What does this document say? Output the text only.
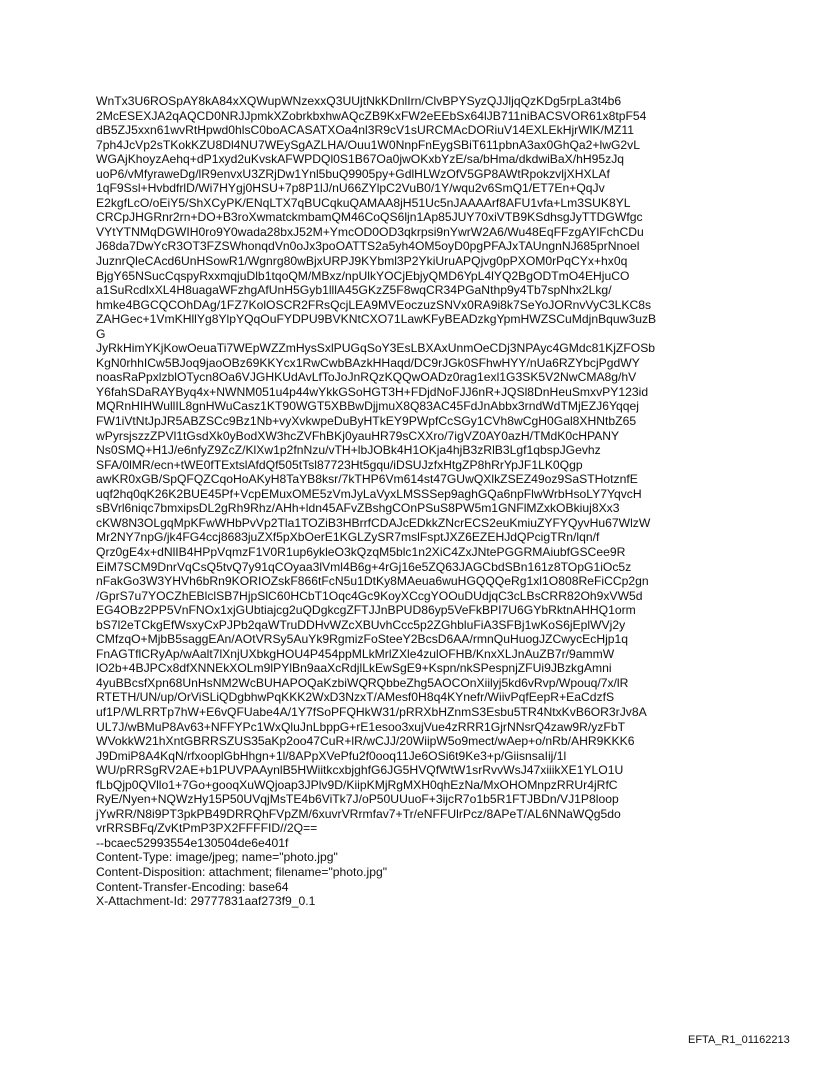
WnTx3U6ROSpAY8kA84xXQWupWNzexxQ3UUjtNkKDnlIrn/ClvBPYSyzQJJljqQzKDg5rpLa3t4b6
2McESEXJA2qAQCD0NRJJpmkXZobrkbxhwAQcZB9KxFW2eEEbSx64lJB711niBACSVOR61x8tpF54
dB5ZJ5xxn61wvRtHpwd0hlsC0boACASATXOa4nl3R9cV1sURCMAcDORiuV14EXLEkHjrWlK/MZ11
7ph4JcVp2sTKokKZU8Dl4NU7WEySgAZLHA/Ouu1W0NnpFnEygSBiT611pbnA3ax0GhQa2+lwG2vL
WGAjKhoyzAehq+dP1xyd2uKvskAFWPDQl0S1B67Oa0jwOKxbYzE/sa/bHma/dkdwiBaX/hH95zJq
uoP6/vMfyraweDg/lR9envxU3ZRjDw1Ynl5buQ9905py+GdlHLWzOfV5GP8AWtRpokzvljXHXLAf
1qF9Ssl+HvbdfrlD/Wi7HYgj0HSU+7p8P1lJ/nU66ZYlpC2VuB0/1Y/wqu2v6SmQ1/ET7En+QqJv
E2kgfLcO/oEiY5/ShXCyPK/ENqLTX7qBUCqkuQAMAA8jH51Uc5nJAAAArf8AFU1vfa+Lm3SUK8YL
CRCpJHGRnr2rn+DO+B3roXwmatckmbamQM46CoQS6ljn1Ap85JUY70xiVTB9KSdhsgJyTTDGWfgc
VYtYTNMqDGWIH0ro9Y0wada28bxJ52M+YmcOD0OD3qkrpsi9nYwrW2A6/Wu48EqFFzgAYlFchCDu
J68da7DwYcR3OT3FZSWhonqdVn0oJx3poOATTS2a5yh4OM5oyD0pgPFAJxTAUngnNJ685prNnoel
JuznrQleCAcd6UnHSowR1/Wgnrg80wBjxURPJ9KYbml3P2YkiUruAPQjvg0pPXOM0rPqCYx+hx0q
BjgY65NSucCqspyRxxmqjuDlb1tqoQM/MBxz/npUlkYOCjEbjyQMD6YpL4lYQ2BgODTmO4EHjuCO
a1SuRcdlxXL4H8uagaWFzhgAfUnH5Gyb1lllA45GKzZ5F8wqCR34PGaNthp9y4Tb7spNhx2Lkg/
hmke4BGCQCOhDAg/1FZ7KolOSCR2FRsQcjLEA9MVEoczuzSNVx0RA9i8k7SeYoJORnvVyC3LKC8s
ZAHGec+1VmKHllYg8YlpYQqOuFYDPU9BVKNtCXO71LawKFyBEADzkgYpmHWZSCuMdjnBquw3uzB
G
JyRkHimYKjKowOeuaTi7WEpWZZmHysSxlPUGqSoY3EsLBXAxUnmOeCDj3NPAyc4GMdc81KjZFOSb
KgN0rhhICw5BJoq9jaoOBz69KKYcx1RwCwbBAzkHHaqd/DC9rJGk0SFhwHYY/nUa6RZYbcjPgdWY
noasRaPpxlzblOTycn8Oa6VJGHKUdAvLfToJoJnRQzKQQwOADz0rag1exl1G3SK5V2NwCMA8g/hV
Y6fahSDaRAYByq4x+NWNM051u4p44wYkkGSoHGT3H+FDjdNoFJJ6nR+JQSl8DnHeuSmxvPY123id
MQRnHIHWullIL8gnHWuCasz1KT90WGT5XBBwDjjmuX8Q83AC45FdJnAbbx3rndWdTMjEZJ6Yqqej
FW1iVtNtJpJR5ABZSCc9Bz1Nb+vyXvkwpeDuByHTkEY9PWpfCcSGy1CVh8wCgH0Gal8XHNtbZ65
wPyrsjszzZPVl1tGsdXk0yBodXW3hcZVFhBKj0yauHR79sCXXro/7igVZ0AY0azH/TMdK0cHPANY
Ns0SMQ+H1J/e6nfyZ9ZcZ/KlXw1p2fnNzu/vTH+lbJOBk4H1OKja4hjB3zRlB3Lgf1qbspJGevhz
SFA/0lMR/ecn+tWE0fTExtslAfdQf505tTsl87723Ht5gqu/iDSUJzfxHtgZP8hRrYpJF1LK0Qgp
awKR0xGB/SpQFQZCqoHoAKyH8TaYB8ksr/7kTHP6Vm614st47GUwQXlkZSEZ49oz9SaSTHotznfE
uqf2hq0qK26K2BUE45Pf+VcpEMuxOME5zVmJyLaVyxLMSSSep9aghGQa6npFlwWrbHsoLY7YqvcH
sBVrl6niqc7bmxipsDL2gRh9Rhz/AHh+ldn45AFvZBshgCOnPSuS8PW5m1GNFlMZxkOBkiuj8Xx3
cKW8N3OLgqMpKFwWHbPvVp2Tla1TOZiB3HBrrfCDAJcEDkkZNcrECS2euKmiuZYFYQyvHu67WlzW
Mr2NY7npG/jk4FG4ccj8683juZXf5pXbOerE1KGLZySR7mslFsptJXZ6EZEHJdQPcigTRn/lqn/f
Qrz0gE4x+dNlIB4HPpVqmzF1V0R1up6ykleO3kQzqM5blc1n2XiC4ZxJNtePGGRMAiubfGSCee9R
EiM7SCM9DnrVqCsQ5tvQ7y91qCOyaa3lVml4B6g+4rGj16e5ZQ63JAGCbdSBn161z8TOpG1iOc5z
nFakGo3W3YHVh6bRn9KORIOZskF866tFcN5u1DtKy8MAeua6wuHGQQQeRg1xl1O808ReFiCCp2gn
/GprS7u7YOCZhEBlclSB7HjpSlC60HCbT1Oqc4Gc9KoyXCcgYOOuDUdjqC3cLBsCRR82Oh9xVW5d
EG4OBz2PP5VnFNOx1xjGUbtiajcg2uQDgkcgZFTJJnBPUD86yp5VeFkBPI7U6GYbRktnAHHQ1orm
bS7l2eTCkgEfWsxyCxPJPb2qaWTruDDHvWZcXBUvhCcc5p2ZGhbluFiA3SFBj1wKoS6jEplWVj2y
CMfzqO+MjbB5saggEAn/AOtVRSy5AuYk9RgmizFoSteeY2BcsD6AA/rmnQuHuogJZCwycEcHjp1q
FnAGTflCRyAp/wAalt7lXnjUXbkgHOU4P454ppMLkMrlZXle4zulOFHB/KnxXLJnAuZB7r/9ammW
lO2b+4BJPCx8dfXNNEkXOLm9lPYlBn9aaXcRdjlLkEwSgE9+Kspn/nkSPespnjZFUi9JBzkgAmni
4yuBBcsfXpn68UnHsNM2WcBUHAPOQaKzbiWQRQbbeZhg5AOCOnXiilyj5kd6vRvp/Wpouq/7x/lR
RTETH/UN/up/OrViSLiQDgbhwPqKKK2WxD3NzxT/AMesf0H8q4KYnefr/WiivPqfEepR+EaCdzfS
uf1P/WLRRTp7hW+E6vQFUabe4A/1Y7fSoPFQHkW31/pRRXbHZnmS3Esbu5TR4NtxKvB6OR3rJv8A
UL7J/wBMuP8Av63+NFFYPc1WxQluJnLbppG+rE1esoo3xujVue4zRRR1GjrNNsrQ4zaw9R/yzFbT
WVokkW21hXntGBRRSZUS35aKp2oo47CuR+lR/wCJJ/20WiipW5o9mect/wAep+o/nRb/AHR9KKK6
J9DmiP8A4KqN/rfxooplGbHhgn+1l/8APpXVePfu2f0ooq11Je6OSi6t9Ke3+p/GiisnsaIij/1l
WU/pRRSgRV2AE+b1PUVPAAynlB5HWiitkcxbjghfG6JG5HVQfWtW1srRvvWsJ47xiiikXE1YLO1U
fLbQjp0QVllo1+7Go+gooqXuWQjoap3JPlv9D/KiipKMjRgMXH0qhEzNa/MxOHOMnpzRRUr4jRfC
RyE/Nyen+NQWzHy15P50UVqjMsTE4b6ViTk7J/oP50UUuoF+3ijcR7o1b5R1FTJBDn/VJ1P8loop
jYwRR/N8i9PT3pkPB49DRRQhFVpZM/6xuvrVRrmfav7+Tr/eNFFUlrPcz/8APeT/AL6NNaWQg5do
vrRRSBFq/ZvKtPmP3PX2FFFFID//2Q==
--bcaec52993554e130504de6e401f
Content-Type: image/jpeg; name="photo.jpg"
Content-Disposition: attachment; filename="photo.jpg"
Content-Transfer-Encoding: base64
X-Attachment-Id: 29777831aaf273f9_0.1
EFTA_R1_01162213
